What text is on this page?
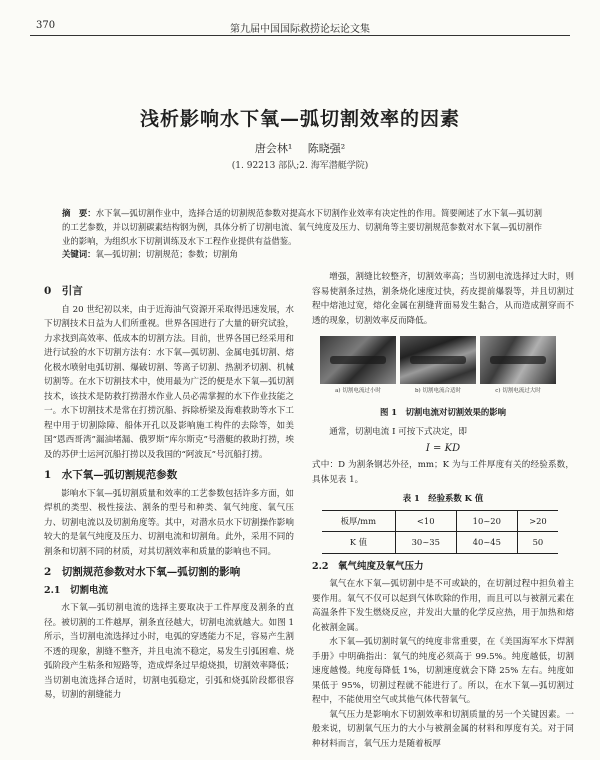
370	第九届中国国际救捞论坛论文集
浅析影响水下氧—弧切割效率的因素
唐会林¹ 陈晓强²
(1. 92213 部队;2. 海军潜艇学院)
摘　要：水下氧—弧切割作业中，选择合适的切割规范参数对提高水下切割作业效率有决定性的作用。简要阐述了水下氧—弧切割的工艺参数，并以切割碳素结构钢为例，具体分析了切割电流、氧气纯度及压力、切割角等主要切割规范参数对水下氧—弧切割作业的影响，为组织水下切割训练及水下工程作业提供有益借鉴。
关键词：氧—弧切割；切割规范；参数；切割角
0　引言
自 20 世纪初以来，由于近海油气资源开采取得迅速发展，水下切割技术日益为人们所重视。世界各国进行了大量的研究试验，力求找到高效率、低成本的切割方法。目前，世界各国已经采用和进行试验的水下切割方法有：水下氧—弧切割、金属电弧切割、熔化极水喷射电弧切割、爆破切割、等离子切割、热割矛切割、机械切割等。在水下切割技术中，使用最为广泛的便是水下氧—弧切割技术，该技术是防救打捞潜水作业人员必需掌握的水下作业技能之一。水下切割技术是常在打捞沉船、拆除桥梁及海难救助等水下工程中用于切割除障、船体开孔以及影响施工构件的去除等，如美国“恩西哥湾”漏油堵漏、俄罗斯“库尔斯克”号潜艇的救助打捞，埃及的苏伊士运河沉船打捞以及我国的“阿波瓦”号沉船打捞。
1　水下氧—弧切割规范参数
影响水下氧—弧切割质量和效率的工艺参数包括许多方面，如焊机的类型、极性接法、割条的型号和种类、氧气纯度、氧气压力、切割电流以及切割角度等。其中，对潜水员水下切割操作影响较大的是氧气纯度及压力、切割电流和切割角。此外，采用不同的割条和切割不同的材质，对其切割效率和质量的影响也不同。
2　切割规范参数对水下氧—弧切割的影响
2.1　切割电流
水下氧—弧切割电流的选择主要取决于工件厚度及割条的直径。被切割的工件越厚，割条直径越大，切割电流就越大。如图 1 所示，当切割电流选择过小时，电弧的穿透能力不足，容易产生割不透的现象，割缝不整齐，并且电流不稳定，易发生引弧困难、烧弧阶段产生粘条和短路等，造成焊条过早熄烧损，切割效率降低；当切割电流选择合适时，切割电弧稳定，引弧和烧弧阶段都很容易，切割的割缝能力
增强，割缝比较整齐，切割效率高；当切割电流选择过大时，则容易使割条过热，割条烧化速度过快，药皮提前爆裂等，并且切割过程中熔池过宽，熔化金属在割缝背面易发生黏合，从而造成割穿而不透的现象，切割效率反而降低。
a) 切割电流过小时	b) 切割电流合适时	c) 切割电流过大时
图 1　切割电流对切割效果的影响
通常，切割电流 I 可按下式决定，即
I = KD
式中：D 为割条钢芯外径，mm；K 为与工件厚度有关的经验系数，具体见表 1。
表 1　经验系数 K 值
板厚/mm	<10	10~20	>20
K 值	30~35	40~45	50
2.2　氧气纯度及氧气压力
氧气在水下氧—弧切割中是不可或缺的，在切割过程中担负着主要作用。氧气不仅可以起到气体吹除的作用，而且可以与被割元素在高温条件下发生燃烧反应，并发出大量的化学反应热，用于加热和熔化被割金属。
水下氧—弧切割时氧气的纯度非常重要，在《美国海军水下焊割手册》中明确指出：氧气的纯度必须高于 99.5%。纯度越低，切割速度越慢。纯度每降低 1%，切割速度就会下降 25% 左右。纯度如果低于 95%，切割过程就不能进行了。所以，在水下氧—弧切割过程中，不能使用空气或其他气体代替氧气。
氧气压力是影响水下切割效率和切割质量的另一个关键因素。一般来说，切割氧气压力的大小与被割金属的材料和厚度有关。对于同种材料而言，氧气压力是随着板厚
